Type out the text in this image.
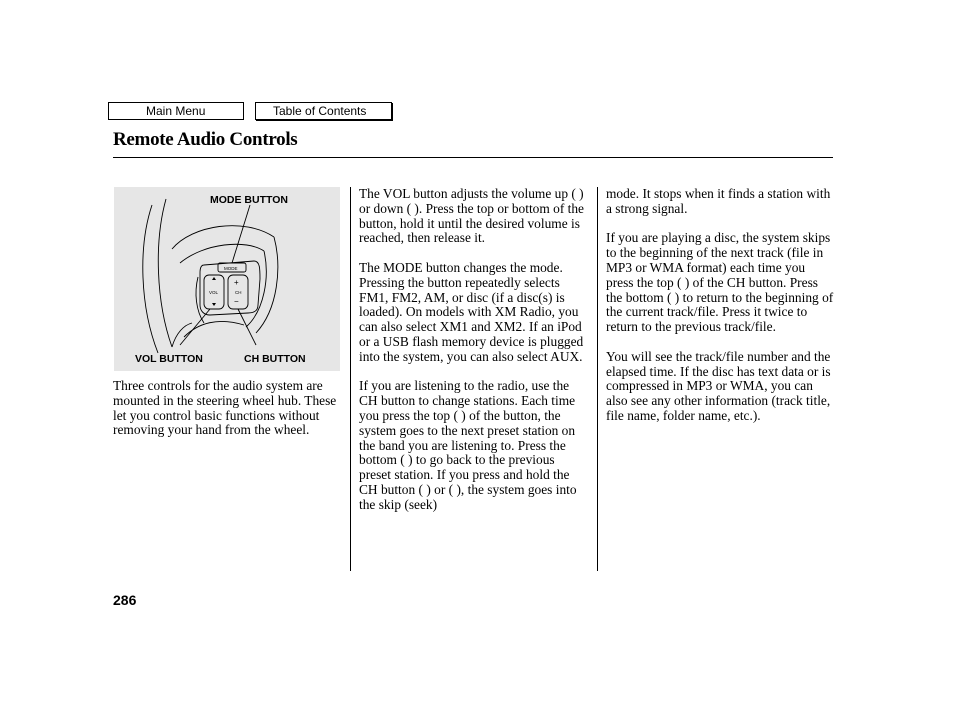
Main Menu	Table of Contents
Remote Audio Controls
MODE
VOL	CH
+
−
MODE BUTTON
VOL BUTTON	CH BUTTON

Three controls for the audio system are mounted in the steering wheel hub. These let you control basic functions without removing your hand from the wheel.

The VOL button adjusts the volume up ( ) or down ( ). Press the top or bottom of the button, hold it until the desired volume is reached, then release it.

The MODE button changes the mode. Pressing the button repeatedly selects FM1, FM2, AM, or disc (if a disc(s) is loaded). On models with XM Radio, you can also select XM1 and XM2. If an iPod or a USB flash memory device is plugged into the system, you can also select AUX.

If you are listening to the radio, use the CH button to change stations. Each time you press the top ( ) of the button, the system goes to the next preset station on the band you are listening to. Press the bottom ( ) to go back to the previous preset station. If you press and hold the CH button ( ) or ( ), the system goes into the skip (seek)

mode. It stops when it finds a station with a strong signal.

If you are playing a disc, the system skips to the beginning of the next track (file in MP3 or WMA format) each time you press the top ( ) of the CH button. Press the bottom ( ) to return to the beginning of the current track/file. Press it twice to return to the previous track/file.

You will see the track/file number and the elapsed time. If the disc has text data or is compressed in MP3 or WMA, you can also see any other information (track title, file name, folder name, etc.).

286
